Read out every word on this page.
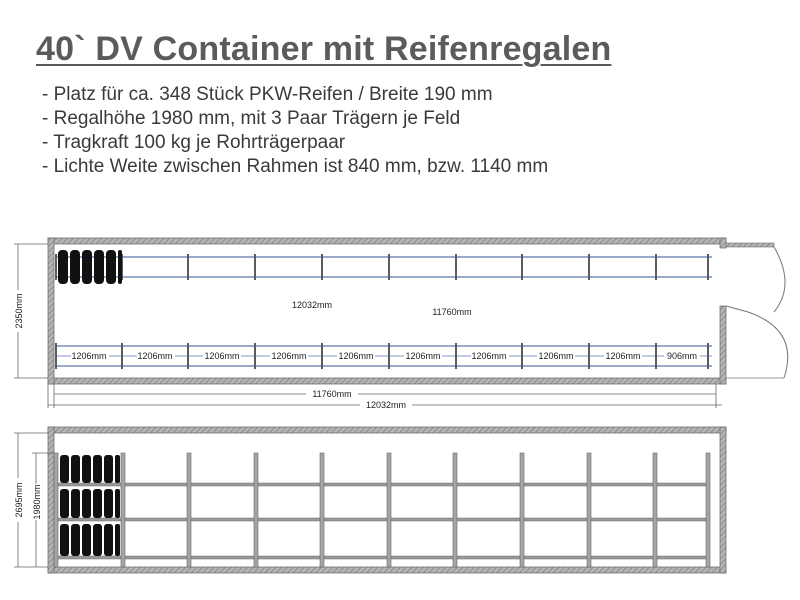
40` DV Container mit Reifenregalen
- Platz für ca. 348 Stück PKW-Reifen / Breite 190 mm
- Regalhöhe 1980 mm, mit 3 Paar Trägern je Feld
- Tragkraft 100 kg je Rohrträgerpaar
- Lichte Weite zwischen Rahmen ist 840 mm, bzw. 1140 mm
12032mm
11760mm
1206mm	1206mm	1206mm	1206mm	1206mm	1206mm	1206mm	1206mm	1206mm	906mm
2350mm
11760mm
12032mm
2695mm 1980mm
